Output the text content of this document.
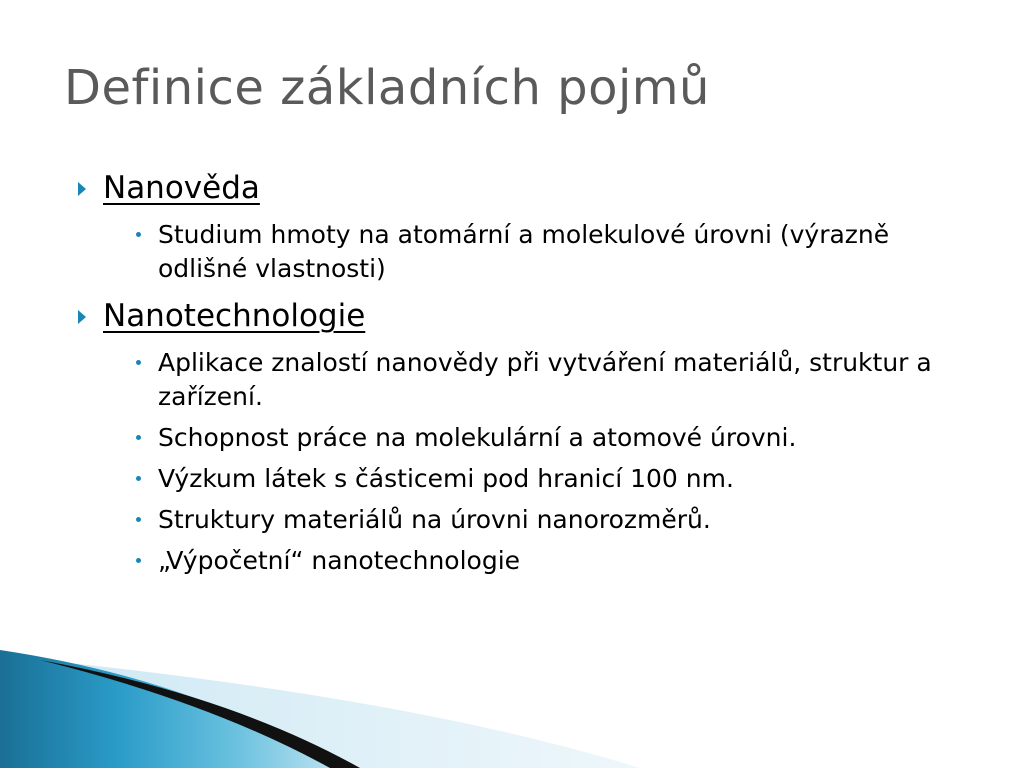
Definice základních pojmů
Nanověda
Studium hmoty na atomární a molekulové úrovni (výrazně odlišné vlastnosti)
Nanotechnologie
Aplikace znalostí nanovědy při vytváření materiálů, struktur a zařízení.
Schopnost práce na molekulární a atomové úrovni.
Výzkum látek s částicemi pod hranicí 100 nm.
Struktury materiálů na úrovni nanorozměrů.
„Výpočetní“ nanotechnologie
